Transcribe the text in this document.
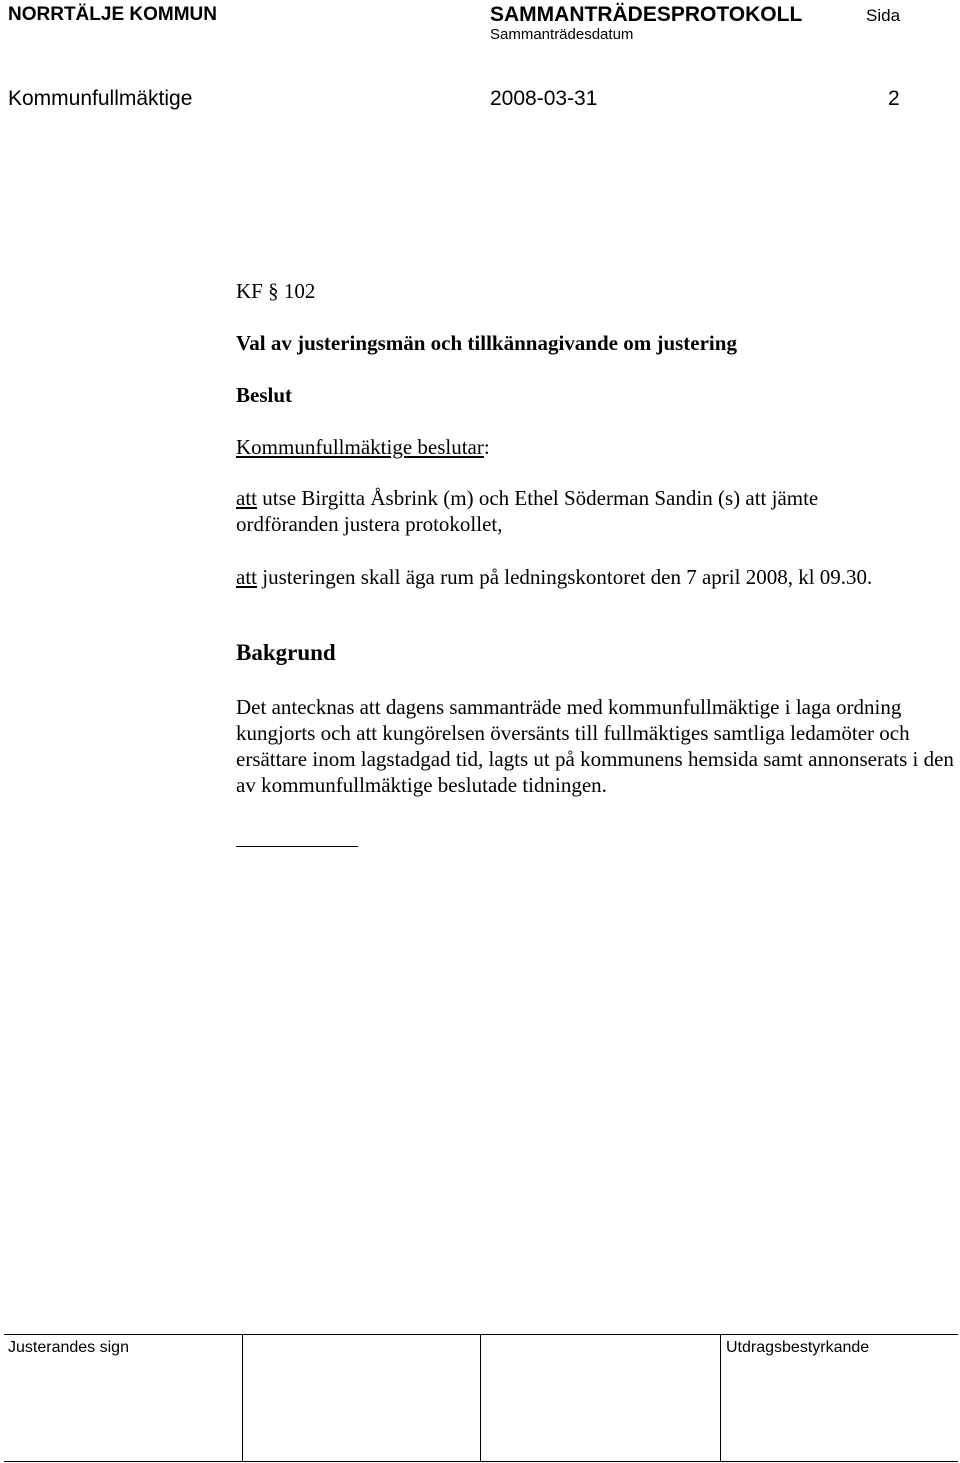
NORRTÄLJE KOMMUN	SAMMANTRÄDESPROTOKOLL	Sida
Sammanträdesdatum
Kommunfullmäktige	2008-03-31	2
KF § 102
Val av justeringsmän och tillkännagivande om justering
Beslut
Kommunfullmäktige beslutar:
att utse Birgitta Åsbrink (m) och Ethel Söderman Sandin (s) att jämte
ordföranden justera protokollet,
att justeringen skall äga rum på ledningskontoret den 7 april 2008, kl 09.30.
Bakgrund
Det antecknas att dagens sammanträde med kommunfullmäktige i laga ordning kungjorts och att kungörelsen översänts till fullmäktiges samtliga ledamöter och ersättare inom lagstadgad tid, lagts ut på kommunens hemsida samt annonserats i den av kommunfullmäktige beslutade tidningen.
Justerandes sign	Utdragsbestyrkande
